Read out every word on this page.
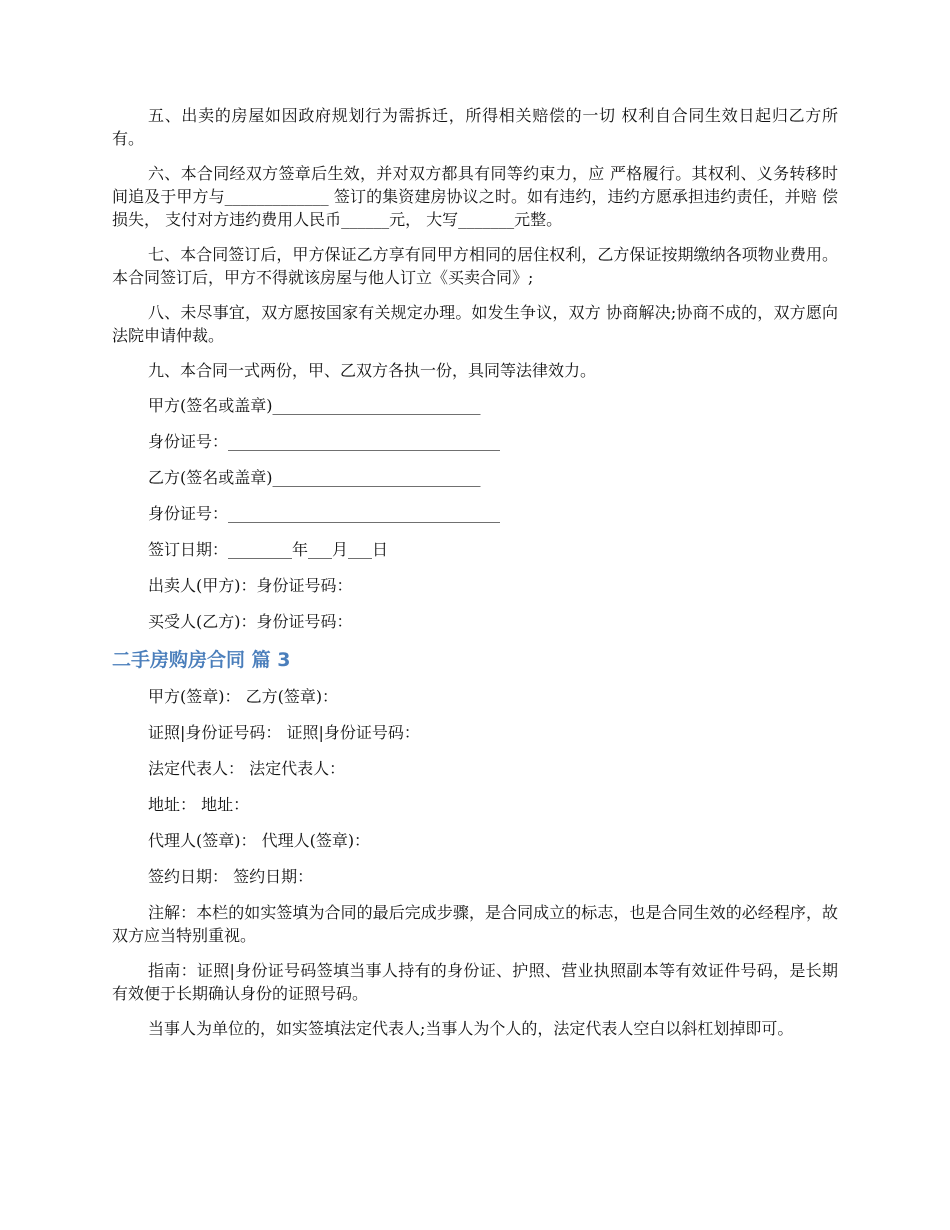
五、出卖的房屋如因政府规划行为需拆迁，所得相关赔偿的一切 权利自合同生效日起归乙方所有。

六、本合同经双方签章后生效，并对双方都具有同等约束力，应 严格履行。其权利、义务转移时间追及于甲方与_____________ 签订的集资建房协议之时。如有违约，违约方愿承担违约责任，并赔 偿损失， 支付对方违约费用人民币______元， 大写_______元整。

七、本合同签订后，甲方保证乙方享有同甲方相同的居住权利，乙方保证按期缴纳各项物业费用。本合同签订后，甲方不得就该房屋与他人订立《买卖合同》;

八、未尽事宜，双方愿按国家有关规定办理。如发生争议，双方 协商解决;协商不成的，双方愿向法院申请仲裁。

九、本合同一式两份，甲、乙双方各执一份，具同等法律效力。

甲方(签名或盖章)__________________________
身份证号：__________________________________
乙方(签名或盖章)__________________________
身份证号：__________________________________
签订日期：________年___月___日
出卖人(甲方)：身份证号码：
买受人(乙方)：身份证号码：
二手房购房合同 篇 3
甲方(签章)： 乙方(签章)：
证照|身份证号码： 证照|身份证号码：
法定代表人： 法定代表人：
地址： 地址：
代理人(签章)： 代理人(签章)：
签约日期： 签约日期：

注解：本栏的如实签填为合同的最后完成步骤，是合同成立的标志，也是合同生效的必经程序，故双方应当特别重视。

指南：证照|身份证号码签填当事人持有的身份证、护照、营业执照副本等有效证件号码，是长期有效便于长期确认身份的证照号码。

当事人为单位的，如实签填法定代表人;当事人为个人的，法定代表人空白以斜杠划掉即可。
